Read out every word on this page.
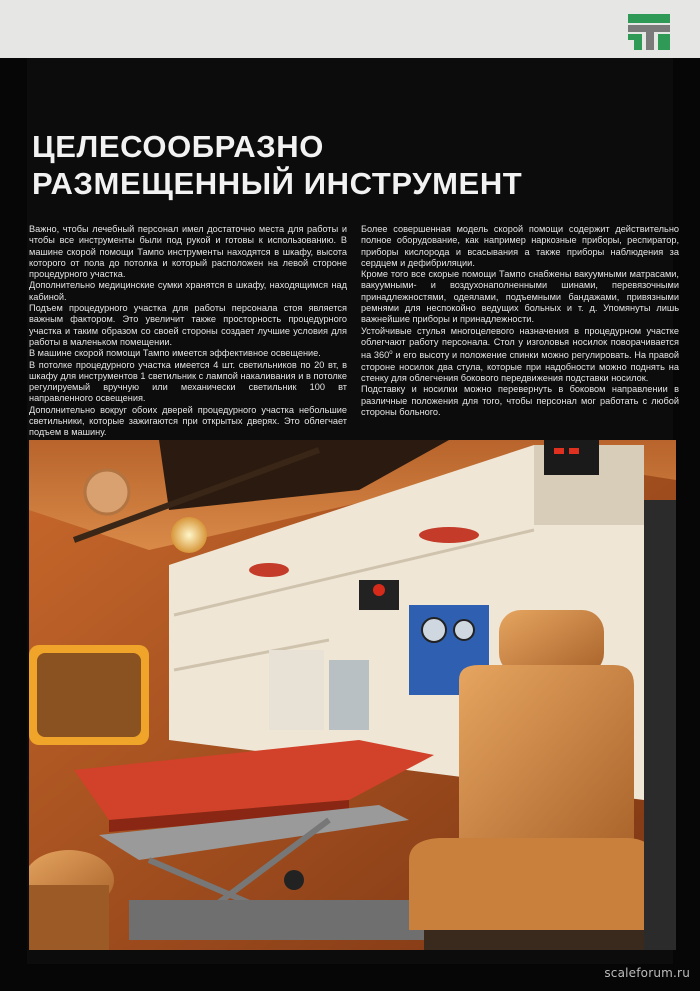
ЦЕЛЕСООБРАЗНО
РАЗМЕЩЕННЫЙ ИНСТРУМЕНТ

Важно, чтобы лечебный персонал имел достаточно места для работы и чтобы все инструменты были под рукой и готовы к использованию. В машине скорой помощи Тампо инструменты находятся в шкафу, высота которого от пола до потолка и который расположен на левой стороне процедурного участка.

Дополнительно медицинские сумки хранятся в шкафу, находящимся над кабиной.

Подъем процедурного участка для работы персонала стоя является важным фактором. Это увеличит также просторность процедурного участка и таким образом со своей стороны создает лучшие условия для работы в маленьком помещении.

В машине скорой помощи Тампо имеется эффективное освещение.

В потолке процедурного участка имеется 4 шт. светильников по 20 вт, в шкафу для инструментов 1 светильник с лампой накаливания и в потолке регулируемый вручную или механически светильник 100 вт направленного освещения.

Дополнительно вокруг обоих дверей процедурного участка небольшие светильники, которые зажигаются при открытых дверях. Это облегчает подъем в машину.

Более совершенная модель скорой помощи содержит действительно полное оборудование, как например наркозные приборы, респиратор, приборы кислорода и всасывания а также приборы наблюдения за сердцем и дефибриляции.

Кроме того все скорые помощи Тампо снабжены вакуумными матрасами, вакуумными- и воздухонаполненными шинами, перевязочными принадлежностями, одеялами, подъемными бандажами, привязными ремнями для неспокойно ведущих больных и т. д. Упомянуты лишь важнейшие приборы и принадлежности.

Устойчивые стулья многоцелевого назначения в процедурном участке облегчают работу персонала. Стол у изголовья носилок поворачивается на $360^о$ и его высоту и положение спинки можно регулировать. На правой стороне носилок два стула, которые при надобности можно поднять на стенку для облегчения бокового передвижения подставки носилок.

Подставку и носилки можно перевернуть в боковом направлении в различные положения для того, чтобы персонал мог работать с любой стороны больного.

scaleforum.ru
